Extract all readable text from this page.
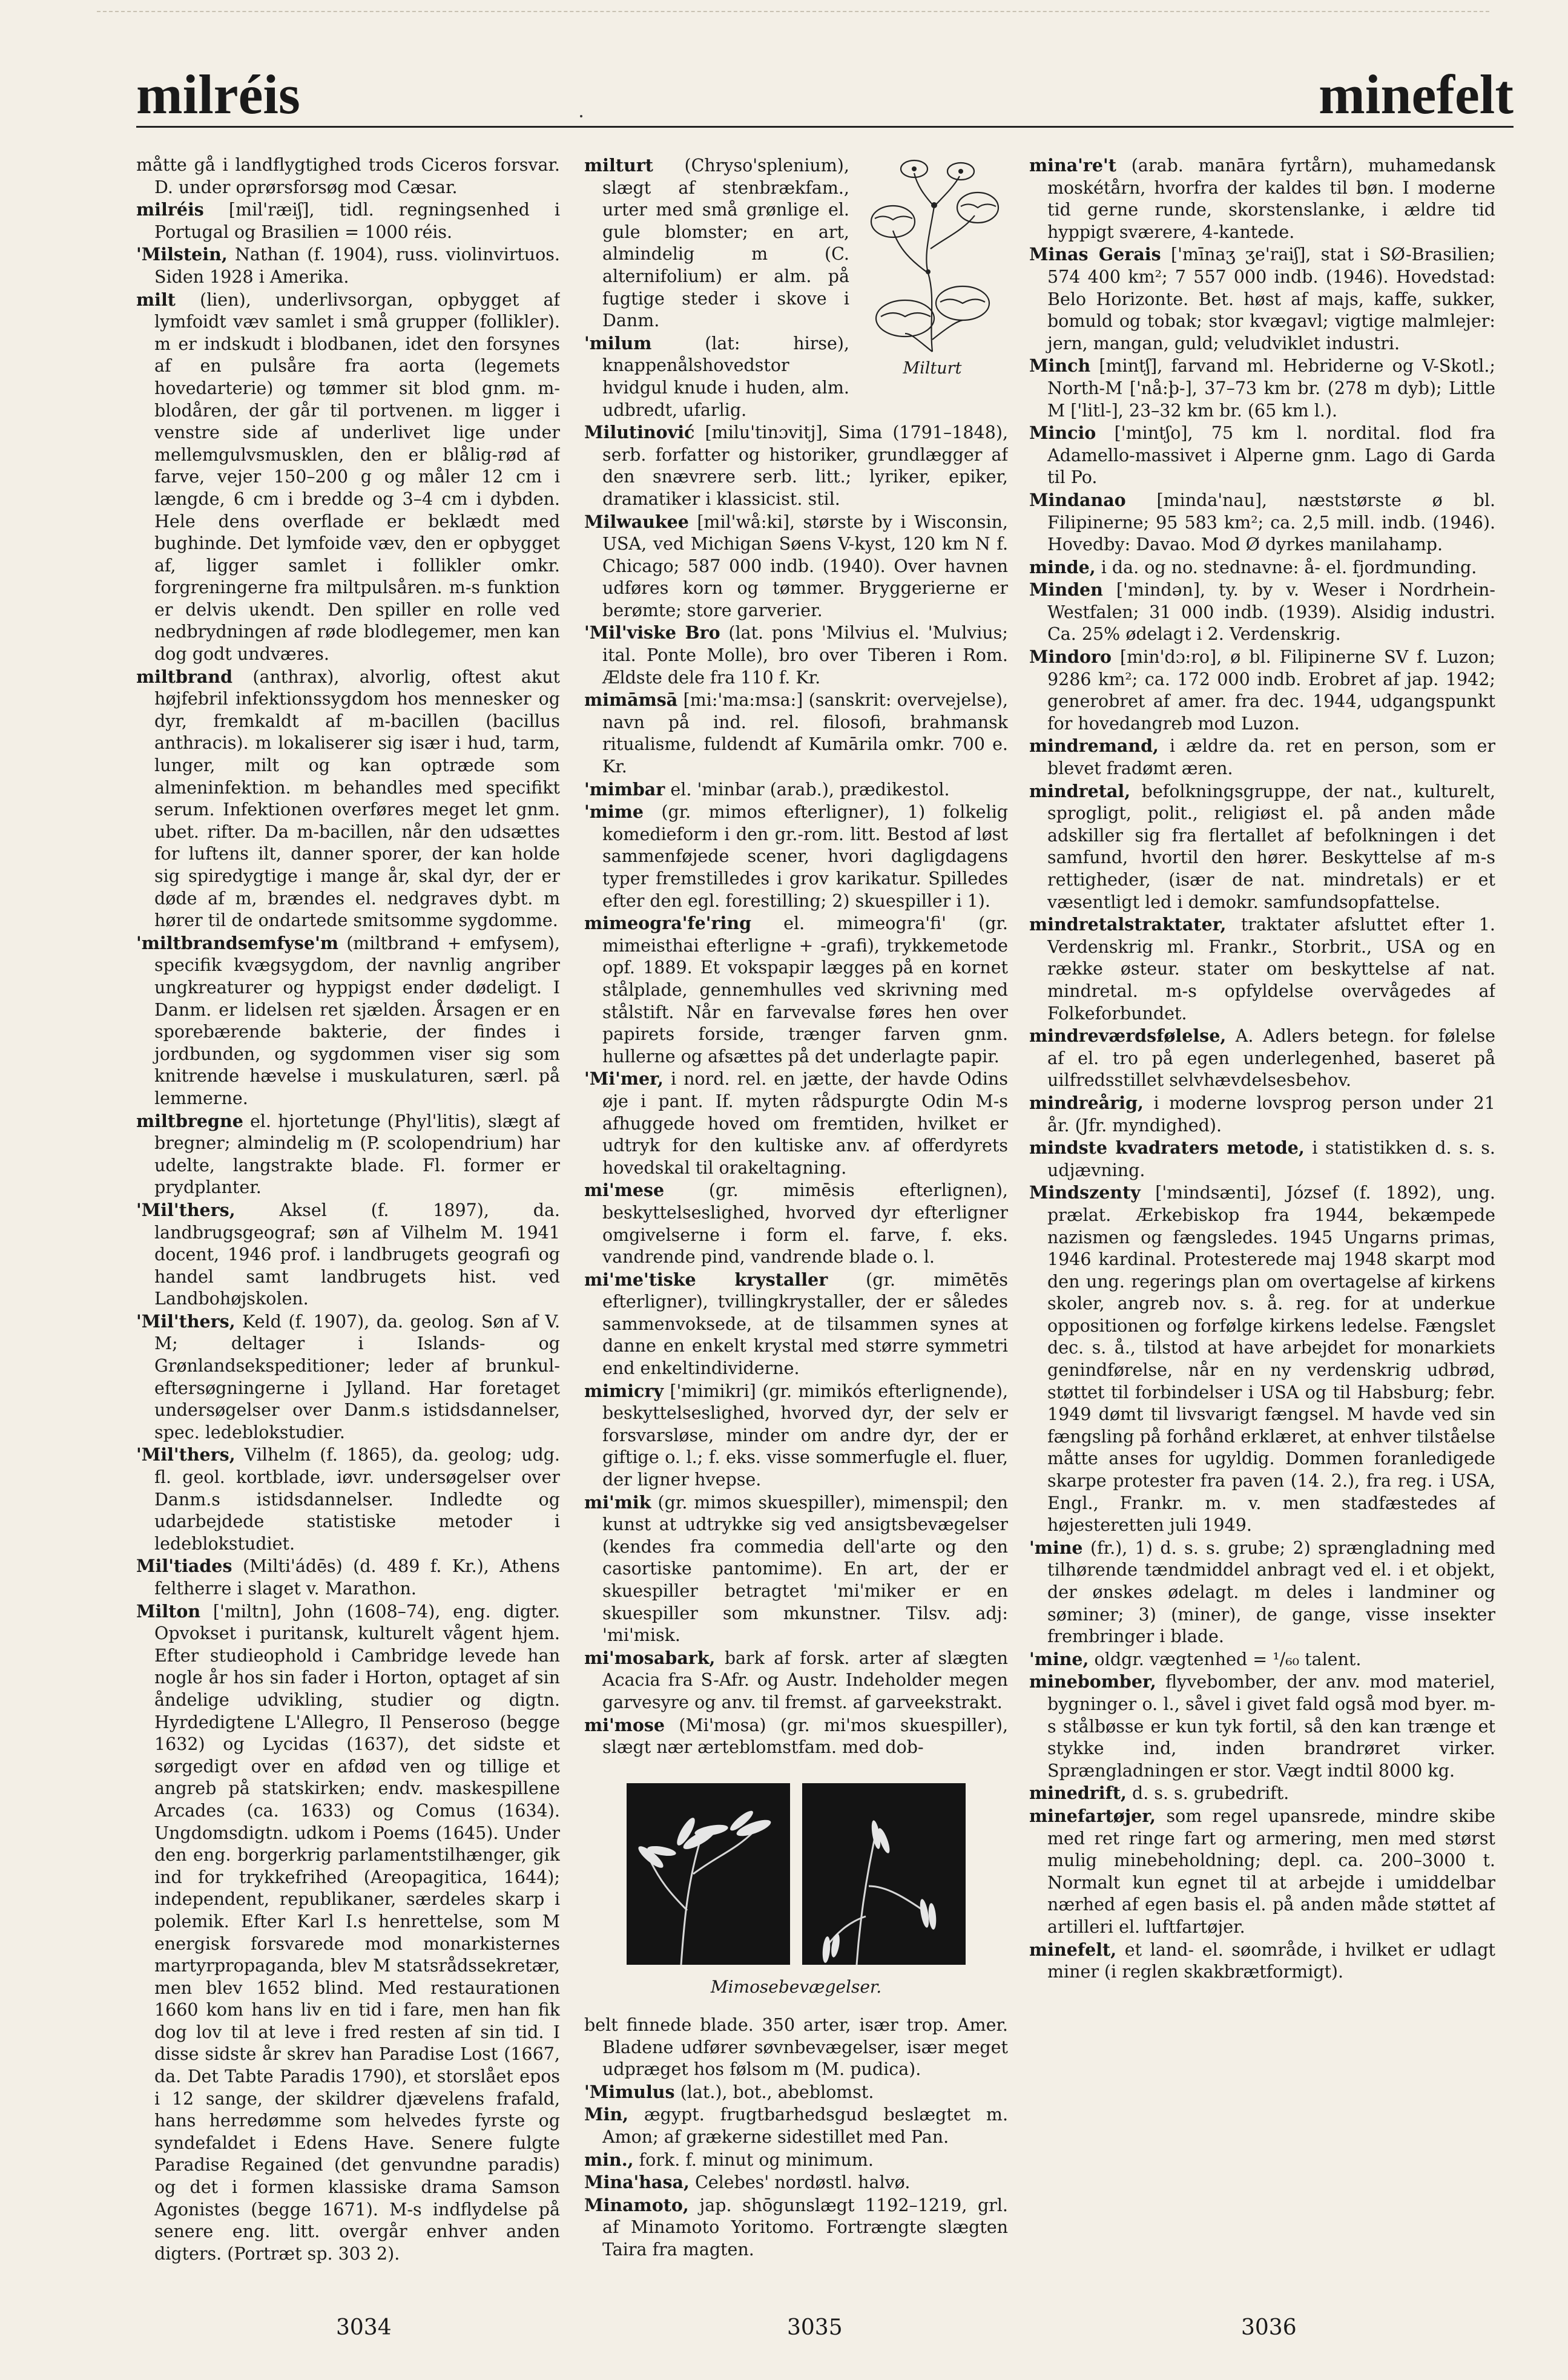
milréis	minefelt

måtte gå i landflygtighed trods Ciceros forsvar. D. under oprørsforsøg mod Cæsar.

milréis [mil'ræiʃ], tidl. regningsenhed i Portugal og Brasilien = 1000 réis.

'Milstein, Nathan (f. 1904), russ. violinvirtuos. Siden 1928 i Amerika.

milt (lien), underlivsorgan, opbygget af lymfoidt væv samlet i små grupper (follikler). m er indskudt i blodbanen, idet den forsynes af en pulsåre fra aorta (legemets hovedarterie) og tømmer sit blod gnm. m-blodåren, der går til portvenen. m ligger i venstre side af underlivet lige under mellemgulvsmusklen, den er blålig-rød af farve, vejer 150–200 g og måler 12 cm i længde, 6 cm i bredde og 3–4 cm i dybden. Hele dens overflade er beklædt med bughinde. Det lymfoide væv, den er opbygget af, ligger samlet i follikler omkr. forgreningerne fra miltpulsåren. m-s funktion er delvis ukendt. Den spiller en rolle ved nedbrydningen af røde blodlegemer, men kan dog godt undværes.

miltbrand (anthrax), alvorlig, oftest akut højfebril infektionssygdom hos mennesker og dyr, fremkaldt af m-bacillen (bacillus anthracis). m lokaliserer sig især i hud, tarm, lunger, milt og kan optræde som almeninfektion. m behandles med specifikt serum. Infektionen overføres meget let gnm. ubet. rifter. Da m-bacillen, når den udsættes for luftens ilt, danner sporer, der kan holde sig spiredygtige i mange år, skal dyr, der er døde af m, brændes el. nedgraves dybt. m hører til de ondartede smitsomme sygdomme.

'miltbrandsemfyse'm (miltbrand + emfysem), specifik kvægsygdom, der navnlig angriber ungkreaturer og hyppigst ender dødeligt. I Danm. er lidelsen ret sjælden. Årsagen er en sporebærende bakterie, der findes i jordbunden, og sygdommen viser sig som knitrende hævelse i muskulaturen, særl. på lemmerne.

miltbregne el. hjortetunge (Phyl'litis), slægt af bregner; almindelig m (P. scolopendrium) har udelte, langstrakte blade. Fl. former er prydplanter.

'Mil'thers,	Aksel (f. 1897), da. landbrugsgeograf; søn af Vilhelm M. 1941 docent, 1946 prof. i landbrugets geografi og handel samt landbrugets hist. ved Landbohøjskolen.

'Mil'thers, Keld (f. 1907), da. geolog. Søn af V. M; deltager i Islands- og Grønlandsekspeditioner; leder af brunkul-eftersøgningerne i Jylland. Har foretaget undersøgelser over Danm.s istidsdannelser, spec. ledeblokstudier.

'Mil'thers, Vilhelm (f. 1865), da. geolog; udg. fl. geol. kortblade, iøvr. undersøgelser over Danm.s istidsdannelser. Indledte og udarbejdede statistiske metoder i ledeblokstudiet.

Mil'tiades (Milti'ádēs) (d. 489 f. Kr.), Athens feltherre i slaget v. Marathon.

Milton ['miltn], John (1608–74), eng. digter. Opvokset i puritansk, kulturelt vågent hjem. Efter studieophold i Cambridge levede han nogle år hos sin fader i Horton, optaget af sin åndelige udvikling, studier og digtn. Hyrdedigtene L'Allegro, Il Penseroso (begge 1632) og Lycidas (1637), det sidste et sørgedigt over en afdød ven og tillige et angreb på statskirken; endv. maskespillene Arcades (ca. 1633) og Comus (1634). Ungdomsdigtn. udkom i Poems (1645). Under den eng. borgerkrig parlamentstilhænger, gik ind for trykkefrihed (Areopagitica, 1644); independent, republikaner, særdeles skarp i polemik. Efter Karl I.s henrettelse, som M energisk forsvarede mod monarkisternes martyrpropaganda, blev M statsrådssekretær, men blev 1652 blind. Med restaurationen 1660 kom hans liv en tid i fare, men han fik dog lov til at leve i fred resten af sin tid. I disse sidste år skrev han Paradise Lost (1667, da. Det Tabte Paradis 1790), et storslået epos i 12 sange, der skildrer djævelens frafald, hans herredømme som helvedes fyrste og syndefaldet i Edens Have. Senere fulgte Paradise Regained (det genvundne paradis) og det i formen klassiske drama Samson Agonistes (begge 1671). M-s indflydelse på senere eng. litt. overgår enhver anden digters. (Portræt sp. 303 2).

Milturt

milturt (Chryso'splenium), slægt af stenbrækfam., urter med små grønlige el. gule blomster; en art, almindelig m (C. alternifolium) er alm. på fugtige steder i skove i Danm.

'milum	(lat: hirse), knappenålshovedstor hvidgul knude i huden, alm. udbredt, ufarlig.

Milutinović [milu'tinɔvitj], Sima (1791–1848), serb. forfatter og historiker, grundlægger af den snævrere serb. litt.; lyriker, epiker, dramatiker i klassicist. stil.

Milwaukee [mil'wå:ki], største by i Wisconsin, USA, ved Michigan Søens V-kyst, 120 km N f. Chicago; 587 000 indb. (1940). Over havnen udføres korn og tømmer. Bryggerierne er berømte; store garverier.

'Mil'viske Bro (lat. pons 'Milvius el. 'Mulvius; ital. Ponte Molle), bro over Tiberen i Rom. Ældste dele fra 110 f. Kr.

mimāmsā [mi:'ma:msa:] (sanskrit: overvejelse), navn på ind. rel. filosofi, brahmansk ritualisme, fuldendt af Kumārila omkr. 700 e. Kr.

'mimbar el. 'minbar (arab.), prædikestol.

'mime (gr. mimos efterligner), 1) folkelig komedieform i den gr.-rom. litt. Bestod af løst sammenføjede scener, hvori dagligdagens typer fremstilledes i grov karikatur. Spilledes efter den egl. forestilling; 2) skuespiller i 1).

mimeogra'fe'ring el. mimeogra'fi' (gr. mimeisthai efterligne + -grafi), trykkemetode opf. 1889. Et vokspapir lægges på en kornet stålplade, gennemhulles ved skrivning med stålstift. Når en farvevalse føres hen over papirets forside, trænger farven gnm. hullerne og afsættes på det underlagte papir.

'Mi'mer, i nord. rel. en jætte, der havde Odins øje i pant. If. myten rådspurgte Odin M-s afhuggede hoved om fremtiden, hvilket er udtryk for den kultiske anv. af offerdyrets hovedskal til orakeltagning.

mi'mese	(gr. mimēsis efterlignen), beskyttelseslighed, hvorved dyr efterligner omgivelserne i form el. farve, f. eks. vandrende pind, vandrende blade o. l.

mi'me'tiske krystaller (gr. mimētēs efterligner), tvillingkrystaller, der er således sammenvoksede, at de tilsammen synes at danne en enkelt krystal med større symmetri end enkeltindividerne.

mimicry ['mimikri] (gr. mimikós efterlignende), beskyttelseslighed, hvorved dyr, der selv er forsvarsløse, minder om andre dyr, der er giftige o. l.; f. eks. visse sommerfugle el. fluer, der ligner hvepse.

mi'mik (gr. mimos skuespiller), mimenspil; den kunst at udtrykke sig ved ansigtsbevægelser (kendes fra commedia dell'arte og den casortiske pantomime). En art, der er skuespiller betragtet 'mi'miker er en skuespiller som mkunstner. Tilsv. adj: 'mi'misk.

mi'mosabark, bark af forsk. arter af slægten Acacia fra S-Afr. og Austr. Indeholder megen garvesyre og anv. til fremst. af garveekstrakt.

mi'mose (Mi'mosa) (gr. mi'mos skuespiller), slægt nær ærteblomstfam. med dob-

Mimosebevægelser.

belt finnede blade. 350 arter, især trop. Amer. Bladene udfører søvnbevægelser, især meget udpræget hos følsom m (M. pudica).

'Mimulus (lat.), bot., abeblomst.

Min, ægypt. frugtbarhedsgud beslægtet m. Amon; af grækerne sidestillet med Pan.

min., fork. f. minut og minimum.

Mina'hasa, Celebes' nordøstl. halvø.

Minamoto, jap. shōgunslægt 1192–1219, grl. af Minamoto Yoritomo. Fortrængte slægten Taira fra magten.

mina're't (arab. manāra fyrtårn), muhamedansk moskétårn, hvorfra der kaldes til bøn. I moderne tid gerne runde, skorstenslanke, i ældre tid hyppigt sværere, 4-kantede.

Minas Gerais ['mīnaʒ ʒe'raiʃ], stat i SØ-Brasilien; 574 400 km²; 7 557 000 indb. (1946). Hovedstad: Belo Horizonte. Bet. høst af majs, kaffe, sukker, bomuld og tobak; stor kvægavl; vigtige malmlejer: jern, mangan, guld; veludviklet industri.

Minch [mintʃ], farvand ml. Hebriderne og V-Skotl.; North-M ['nå:þ-], 37–73 km br. (278 m dyb); Little M ['litl-], 23–32 km br. (65 km l.).

Mincio ['mintʃo], 75 km l. nordital. flod fra Adamello-massivet i Alperne gnm. Lago di Garda til Po.

Mindanao [minda'nau], næststørste ø bl. Filipinerne; 95 583 km²; ca. 2,5 mill. indb. (1946). Hovedby: Davao. Mod Ø dyrkes manilahamp.

minde, i da. og no. stednavne: å- el. fjordmunding.

Minden ['mindən], ty. by v. Weser i Nordrhein-Westfalen; 31 000 indb. (1939). Alsidig industri. Ca. 25% ødelagt i 2. Verdenskrig.

Mindoro [min'dɔ:ro], ø bl. Filipinerne SV f. Luzon; 9286 km²; ca. 172 000 indb. Erobret af jap. 1942; generobret af amer. fra dec. 1944, udgangspunkt for hovedangreb mod Luzon.

mindremand, i ældre da. ret en person, som er blevet fradømt æren.

mindretal, befolkningsgruppe, der nat., kulturelt, sprogligt, polit., religiøst el. på anden måde adskiller sig fra flertallet af befolkningen i det samfund, hvortil den hører. Beskyttelse af m-s rettigheder, (især de nat. mindretals) er et væsentligt led i demokr. samfundsopfattelse.

mindretalstraktater, traktater afsluttet efter 1. Verdenskrig ml. Frankr., Storbrit., USA og en række østeur. stater om beskyttelse af nat. mindretal. m-s opfyldelse overvågedes af Folkeforbundet.

mindreværdsfølelse, A. Adlers betegn. for følelse af el. tro på egen underlegenhed, baseret på uilfredsstillet selvhævdelsesbehov.

mindreårig, i moderne lovsprog person under 21 år. (Jfr. myndighed).

mindste kvadraters metode, i statistikken d. s. s. udjævning.

Mindszenty ['mindsænti], József (f. 1892), ung. prælat. Ærkebiskop fra 1944, bekæmpede nazismen og fængsledes. 1945 Ungarns primas, 1946 kardinal. Protesterede maj 1948 skarpt mod den ung. regerings plan om overtagelse af kirkens skoler, angreb nov. s. å. reg. for at underkue oppositionen og forfølge kirkens ledelse. Fængslet dec. s. å., tilstod at have arbejdet for monarkiets genindførelse, når en ny verdenskrig udbrød, støttet til forbindelser i USA og til Habsburg; febr. 1949 dømt til livsvarigt fængsel. M havde ved sin fængsling på forhånd erklæret, at enhver tilståelse måtte anses for ugyldig. Dommen foranledigede skarpe protester fra paven (14. 2.), fra reg. i USA, Engl., Frankr. m. v. men stadfæstedes af højesteretten juli 1949.

'mine (fr.), 1) d. s. s. grube; 2) sprængladning med tilhørende tændmiddel anbragt ved el. i et objekt, der ønskes ødelagt. m deles i landminer og søminer; 3) (miner), de gange, visse insekter frembringer i blade.

'mine, oldgr. vægtenhed = ¹/₆₀ talent.

minebomber, flyvebomber, der anv. mod materiel, bygninger o. l., såvel i givet fald også mod byer. m-s stålbøsse er kun tyk fortil, så den kan trænge et stykke ind, inden brandrøret virker. Sprængladningen er stor. Vægt indtil 8000 kg.

minedrift, d. s. s. grubedrift.

minefartøjer, som regel upansrede, mindre skibe med ret ringe fart og armering, men med størst mulig minebeholdning; depl. ca. 200–3000 t. Normalt kun egnet til at arbejde i umiddelbar nærhed af egen basis el. på anden måde støttet af artilleri el. luftfartøjer.

minefelt, et land- el. søområde, i hvilket er udlagt miner (i reglen skakbrætformigt).

3034	3035	3036
